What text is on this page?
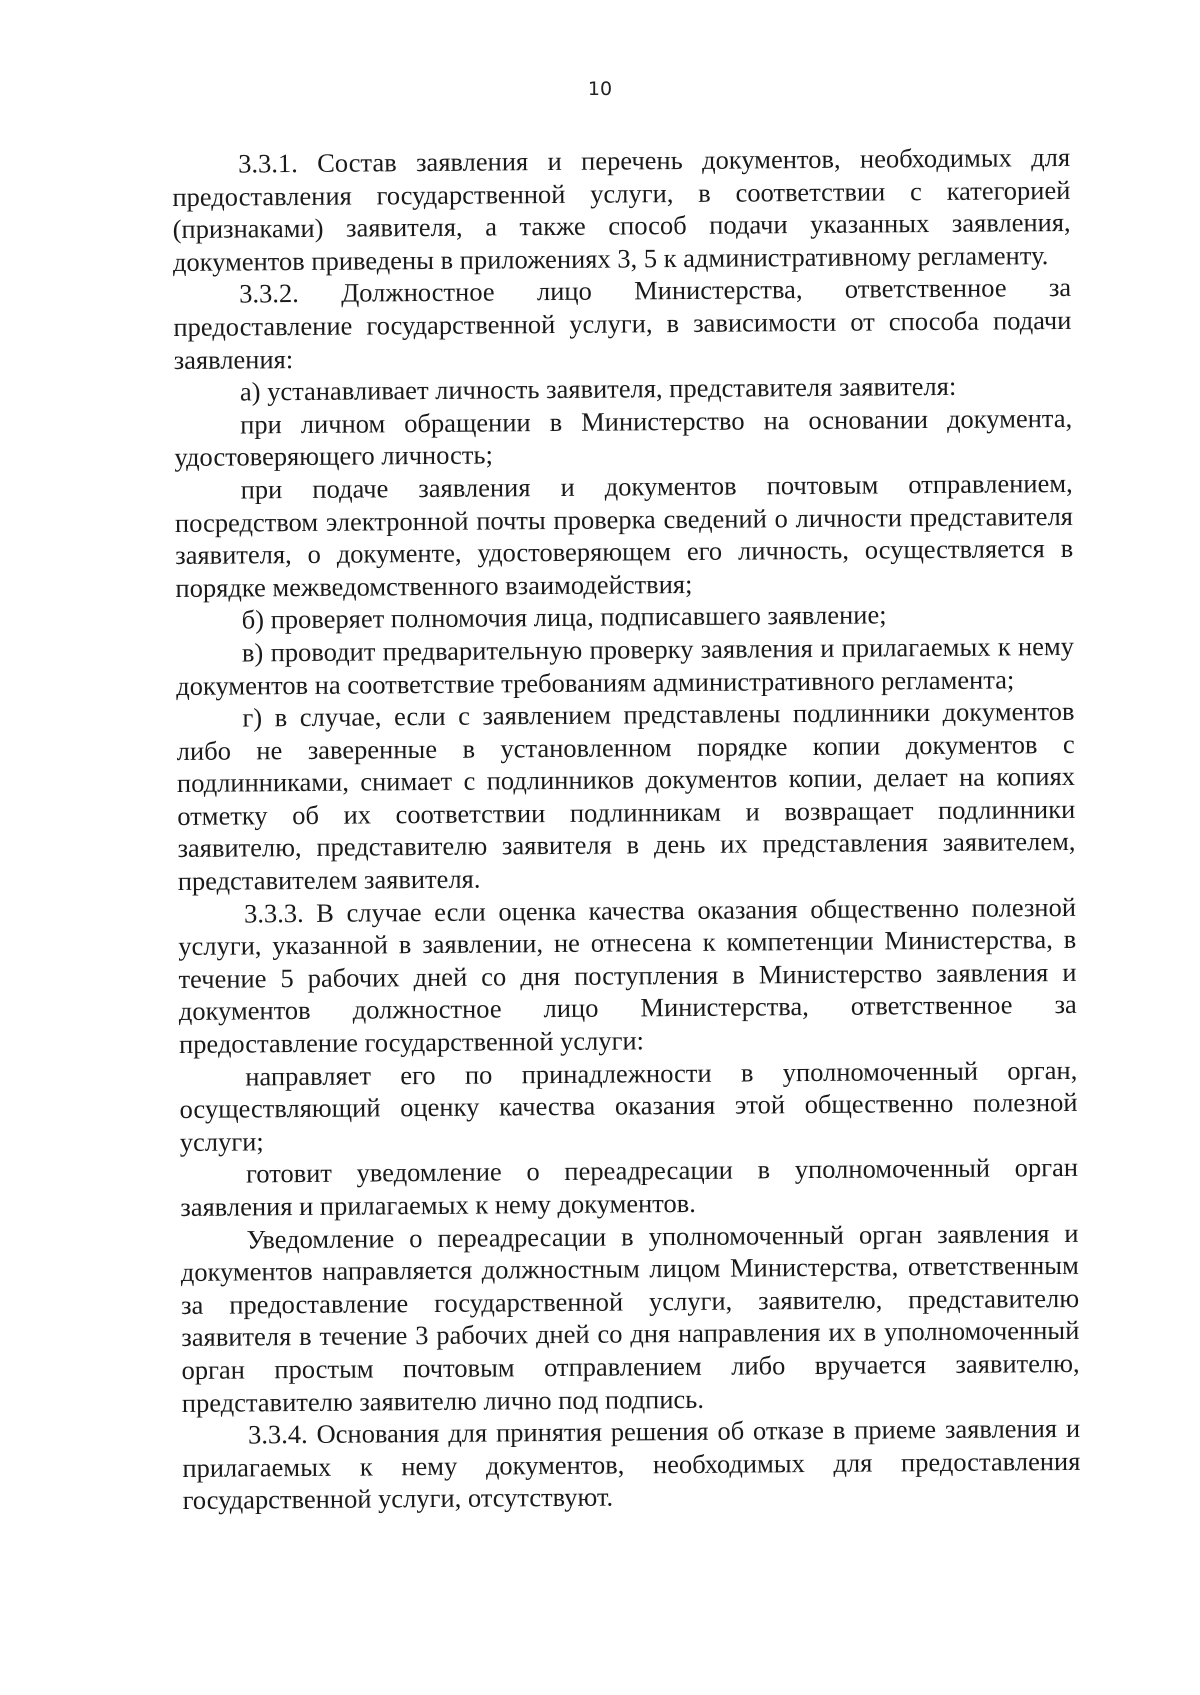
10

3.3.1. Состав заявления и перечень документов, необходимых для предоставления государственной услуги, в соответствии с категорией (признаками) заявителя, а также способ подачи указанных заявления, документов приведены в приложениях 3, 5 к административному регламенту.

3.3.2. Должностное лицо Министерства, ответственное за предоставление государственной услуги, в зависимости от способа подачи заявления:

а) устанавливает личность заявителя, представителя заявителя:

при личном обращении в Министерство на основании документа, удостоверяющего личность;

при подаче заявления и документов почтовым отправлением, посредством электронной почты проверка сведений о личности представителя заявителя, о документе, удостоверяющем его личность, осуществляется в порядке межведомственного взаимодействия;

б) проверяет полномочия лица, подписавшего заявление;

в) проводит предварительную проверку заявления и прилагаемых к нему документов на соответствие требованиям административного регламента;

г) в случае, если с заявлением представлены подлинники документов либо не заверенные в установленном порядке копии документов с подлинниками, снимает с подлинников документов копии, делает на копиях отметку об их соответствии подлинникам и возвращает подлинники заявителю, представителю заявителя в день их представления заявителем, представителем заявителя.

3.3.3. В случае если оценка качества оказания общественно полезной услуги, указанной в заявлении, не отнесена к компетенции Министерства, в течение 5 рабочих дней со дня поступления в Министерство заявления и документов должностное лицо Министерства, ответственное за предоставление государственной услуги:

направляет его по принадлежности в уполномоченный орган, осуществляющий оценку качества оказания этой общественно полезной услуги;

готовит уведомление о переадресации в уполномоченный орган заявления и прилагаемых к нему документов.

Уведомление о переадресации в уполномоченный орган заявления и документов направляется должностным лицом Министерства, ответственным за предоставление государственной услуги, заявителю, представителю заявителя в течение 3 рабочих дней со дня направления их в уполномоченный орган простым почтовым отправлением либо вручается заявителю, представителю заявителю лично под подпись.

3.3.4. Основания для принятия решения об отказе в приеме заявления и прилагаемых к нему документов, необходимых для предоставления государственной услуги, отсутствуют.
